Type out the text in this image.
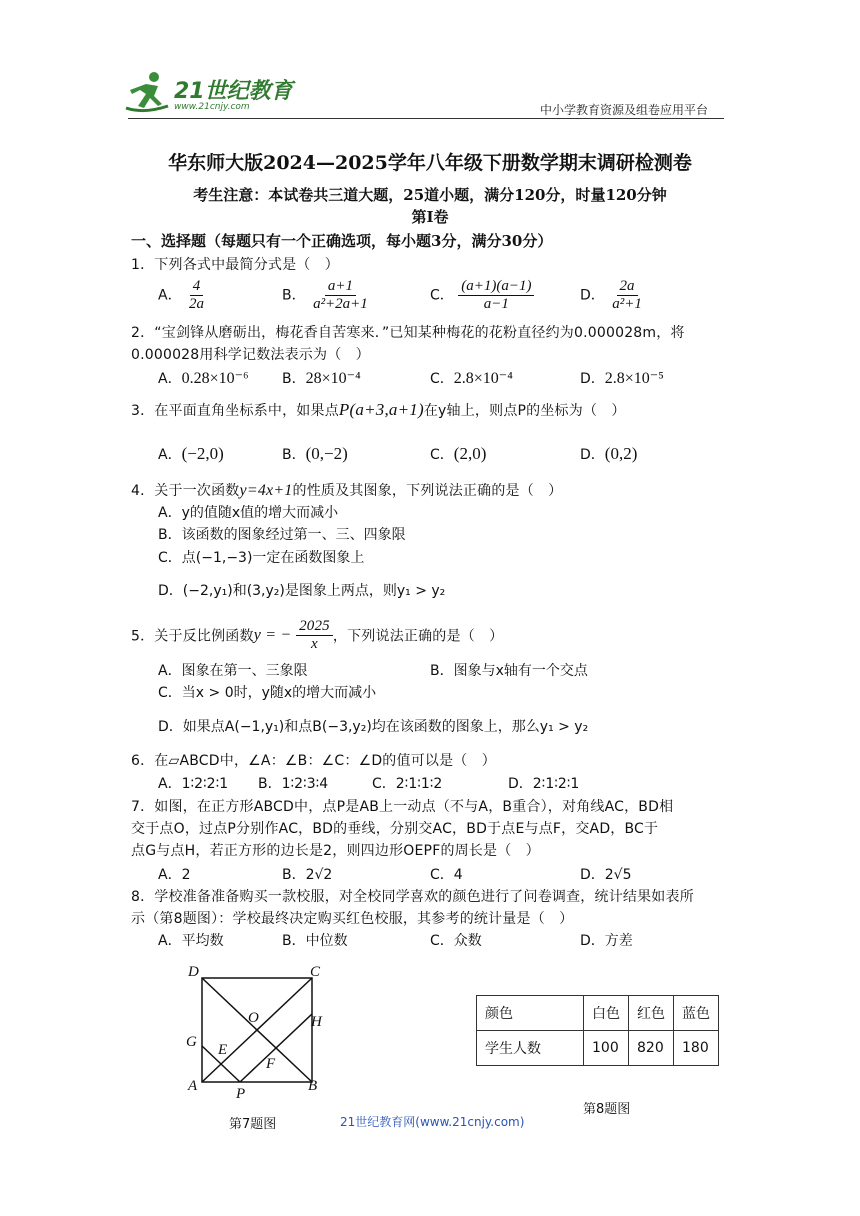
21世纪教育
www.21cnjy.com	中小学教育资源及组卷应用平台
华东师大版2024—2025学年八年级下册数学期末调研检测卷
考生注意：本试卷共三道大题，25道小题，满分120分，时量120分钟
第I卷
一、选择题（每题只有一个正确选项，每小题3分，满分30分）
1．下列各式中最简分式是（　）
A． $\frac{4}{2a}$	B． $\frac{a+1}{\text{a²+2a+1}}$	C． $\frac{(a+1)(a-1)}{a-1}$	D． $\frac{2a}{\text{a²+1}}$
2．“宝剑锋从磨砺出，梅花香自苦寒来．”已知某种梅花的花粉直径约为0.000028m，将
0.000028用科学记数法表示为（　）
A．0.28×10⁻⁶ B．28×10⁻⁴	C．2.8×10⁻⁴	D．2.8×10⁻⁵
3．在平面直角坐标系中，如果点P(a+3,a+1)在y轴上，则点P的坐标为（　）
A．(−2,0)	B．(0,−2)	C．(2,0)	D．(0,2)
4．关于一次函数y=4x+1的性质及其图象，下列说法正确的是（　）
A．y的值随x值的增大而减小
B．该函数的图象经过第一、三、四象限
C．点(−1,−3)一定在函数图象上
D．(−2,y₁)和(3,y₂)是图象上两点，则y₁ > y₂
5．关于反比例函数y = − $\frac{2025}{x}$ ，下列说法正确的是（　）
A．图象在第一、三象限	B．图象与x轴有一个交点
C．当x > 0时，y随x的增大而减小
D．如果点A(−1,y₁)和点B(−3,y₂)均在该函数的图象上，那么y₁ > y₂
6．在▱ABCD中，∠A：∠B：∠C：∠D的值可以是（　）
A．1∶2∶2∶1 B．1∶2∶3∶4	C．2∶1∶1∶2	D．2∶1∶2∶1
7．如图，在正方形ABCD中，点P是AB上一动点（不与A，B重合），对角线AC，BD相
交于点O，过点P分别作AC，BD的垂线，分别交AC，BD于点E与点F，交AD，BC于
点G与点H，若正方形的边长是2，则四边形OEPF的周长是（　）
A．2	B．2√2	C．4	D．2√5
8．学校准备准备购买一款校服，对全校同学喜欢的颜色进行了问卷调查，统计结果如表所
示（第8题图）：学校最终决定购买红色校服，其参考的统计量是（　）
A．平均数	B．中位数	C．众数	D．方差
D	C
A	B
O	H
G E
F
P
第7题图
颜色	白色	红色	蓝色
学生人数	100	820	180
第8题图
21世纪教育网(www.21cnjy.com)
